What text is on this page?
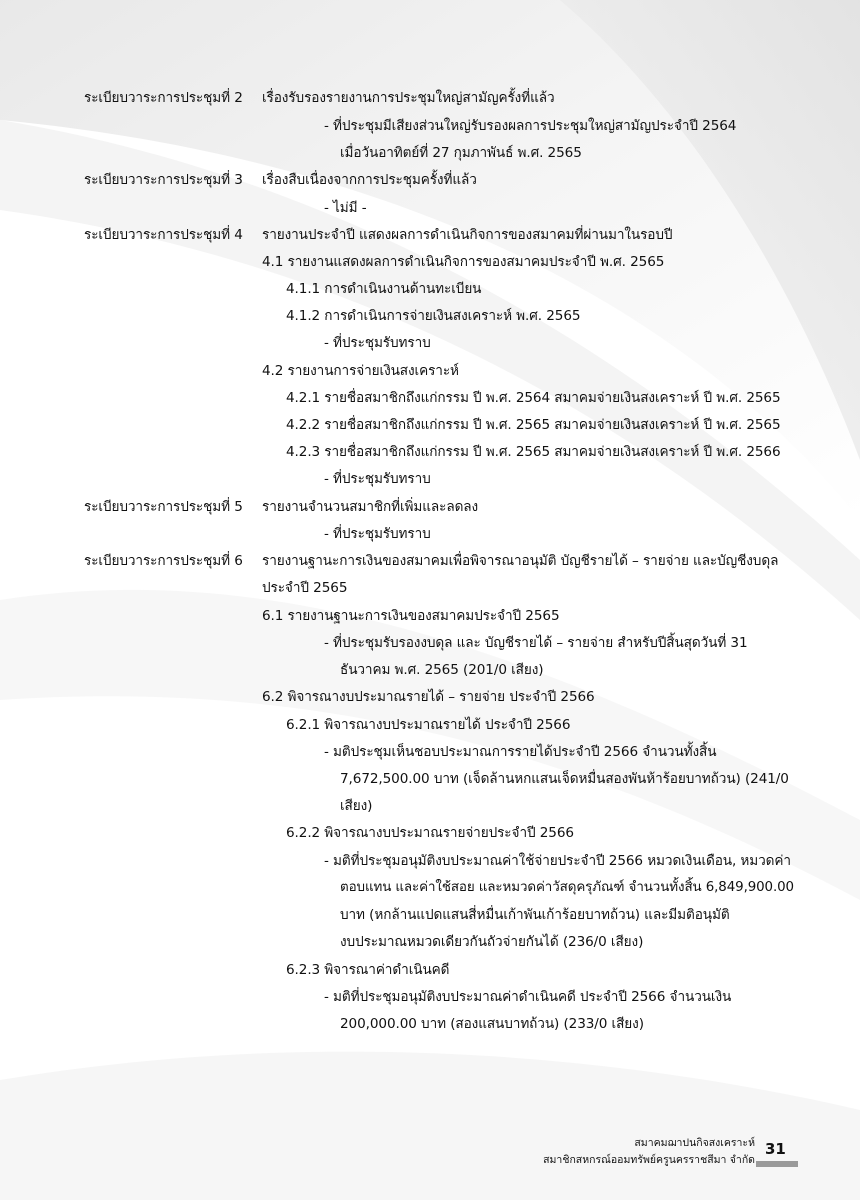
ระเบียบวาระการประชุมที่ 2 เรื่องรับรองรายงานการประชุมใหญ่สามัญครั้งที่แล้ว
- ที่ประชุมมีเสียงส่วนใหญ่รับรองผลการประชุมใหญ่สามัญประจำปี 2564
เมื่อวันอาทิตย์ที่ 27 กุมภาพันธ์ พ.ศ. 2565
ระเบียบวาระการประชุมที่ 3 เรื่องสืบเนื่องจากการประชุมครั้งที่แล้ว
- ไม่มี -
ระเบียบวาระการประชุมที่ 4 รายงานประจำปี แสดงผลการดำเนินกิจการของสมาคมที่ผ่านมาในรอบปี
4.1 รายงานแสดงผลการดำเนินกิจการของสมาคมประจำปี พ.ศ. 2565
4.1.1 การดำเนินงานด้านทะเบียน
4.1.2 การดำเนินการจ่ายเงินสงเคราะห์ พ.ศ. 2565
- ที่ประชุมรับทราบ
4.2 รายงานการจ่ายเงินสงเคราะห์
4.2.1 รายชื่อสมาชิกถึงแก่กรรม ปี พ.ศ. 2564 สมาคมจ่ายเงินสงเคราะห์ ปี พ.ศ. 2565
4.2.2 รายชื่อสมาชิกถึงแก่กรรม ปี พ.ศ. 2565 สมาคมจ่ายเงินสงเคราะห์ ปี พ.ศ. 2565
4.2.3 รายชื่อสมาชิกถึงแก่กรรม ปี พ.ศ. 2565 สมาคมจ่ายเงินสงเคราะห์ ปี พ.ศ. 2566
- ที่ประชุมรับทราบ
ระเบียบวาระการประชุมที่ 5 รายงานจำนวนสมาชิกที่เพิ่มและลดลง
- ที่ประชุมรับทราบ
ระเบียบวาระการประชุมที่ 6 รายงานฐานะการเงินของสมาคมเพื่อพิจารณาอนุมัติ บัญชีรายได้ – รายจ่าย และบัญชีงบดุล
ประจำปี 2565
6.1 รายงานฐานะการเงินของสมาคมประจำปี 2565
- ที่ประชุมรับรองงบดุล และ บัญชีรายได้ – รายจ่าย สำหรับปีสิ้นสุดวันที่ 31
ธันวาคม พ.ศ. 2565 (201/0 เสียง)
6.2 พิจารณางบประมาณรายได้ – รายจ่าย ประจำปี 2566
6.2.1 พิจารณางบประมาณรายได้ ประจำปี 2566
- มติประชุมเห็นชอบประมาณการรายได้ประจำปี 2566 จำนวนทั้งสิ้น
7,672,500.00 บาท (เจ็ดล้านหกแสนเจ็ดหมื่นสองพันห้าร้อยบาทถ้วน) (241/0
เสียง)
6.2.2 พิจารณางบประมาณรายจ่ายประจำปี 2566
- มติที่ประชุมอนุมัติงบประมาณค่าใช้จ่ายประจำปี 2566 หมวดเงินเดือน, หมวดค่า
ตอบแทน และค่าใช้สอย และหมวดค่าวัสดุครุภัณฑ์ จำนวนทั้งสิ้น 6,849,900.00
บาท (หกล้านแปดแสนสี่หมื่นเก้าพันเก้าร้อยบาทถ้วน) และมีมติอนุมัติ
งบประมาณหมวดเดียวกันถัวจ่ายกันได้ (236/0 เสียง)
6.2.3 พิจารณาค่าดำเนินคดี
- มติที่ประชุมอนุมัติงบประมาณค่าดำเนินคดี ประจำปี 2566 จำนวนเงิน
200,000.00 บาท (สองแสนบาทถ้วน) (233/0 เสียง)
สมาคมฌาปนกิจสงเคราะห์
สมาชิกสหกรณ์ออมทรัพย์ครูนครราชสีมา จำกัด
31
